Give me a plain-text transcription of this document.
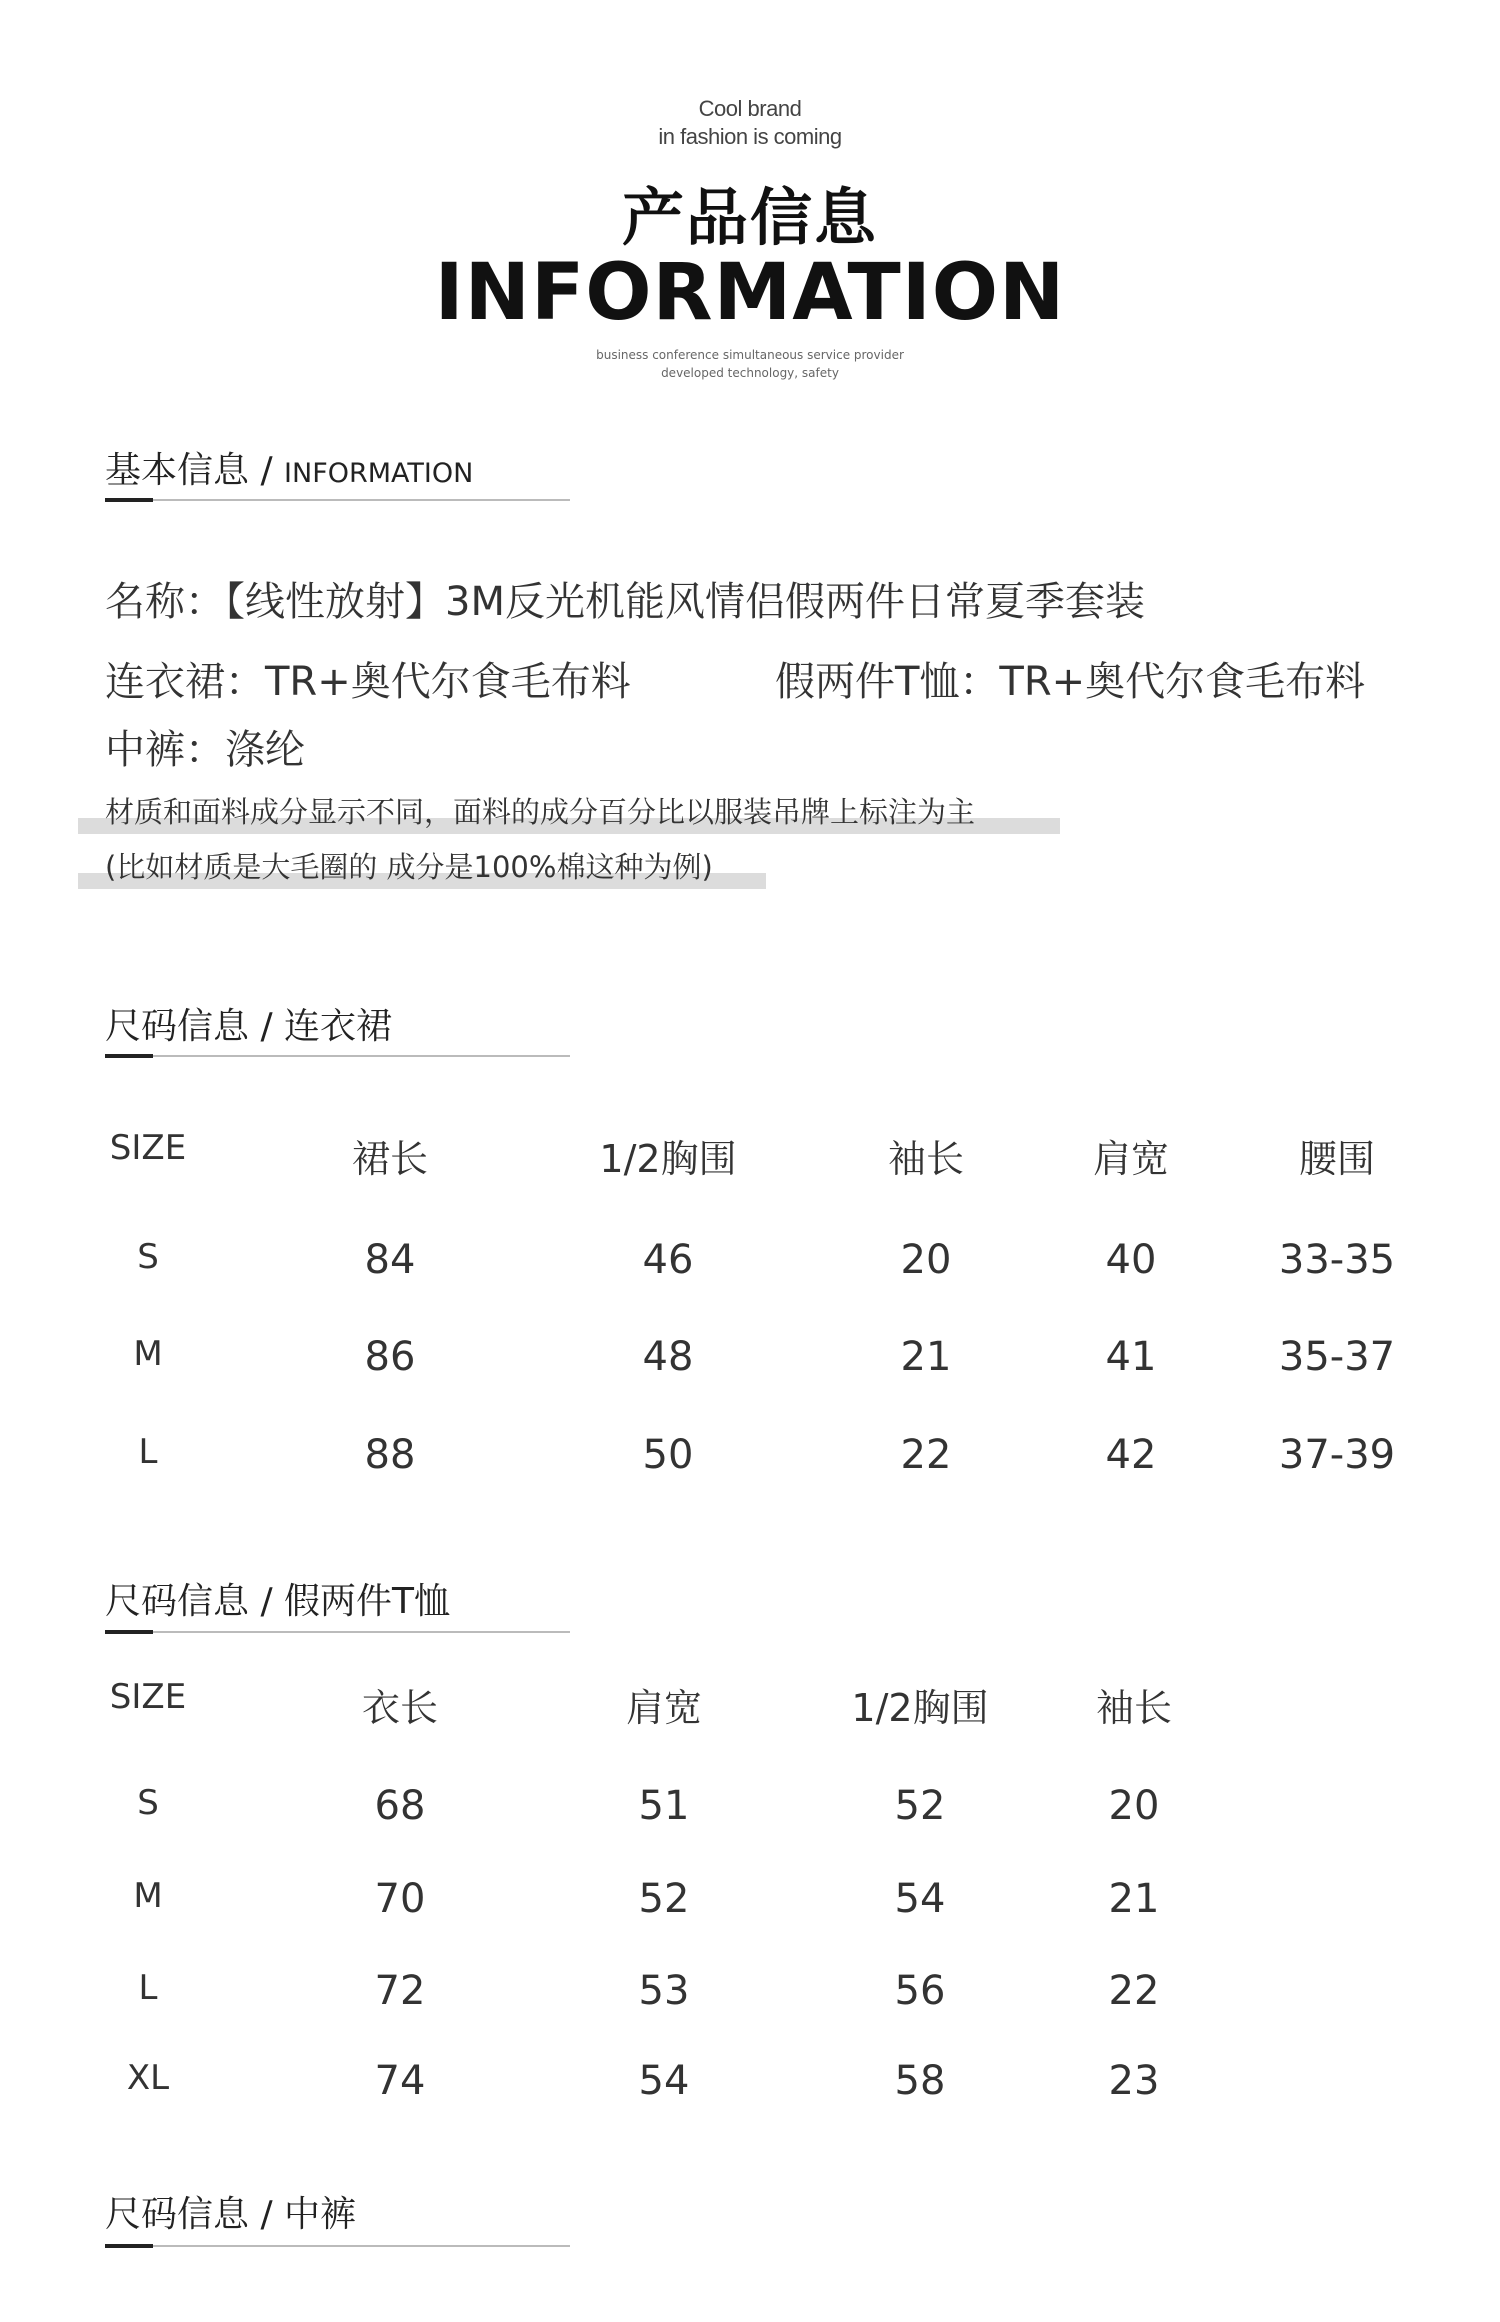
Cool brand
in fashion is coming
产品信息
INFORMATION
business conference simultaneous service provider
developed technology, safety
基本信息 / INFORMATION
名称：【线性放射】3M反光机能风情侣假两件日常夏季套装
连衣裙：TR+奥代尔食毛布料	假两件T恤：TR+奥代尔食毛布料
中裤：涤纶
材质和面料成分显示不同，面料的成分百分比以服装吊牌上标注为主
(比如材质是大毛圈的 成分是100%棉这种为例)
尺码信息 / 连衣裙
SIZE	裙长	1/2胸围	袖长	肩宽	腰围
S	84	46	20	40	33-35
M	86	48	21	41	35-37
L	88	50	22	42	37-39
尺码信息 / 假两件T恤
SIZE	衣长	肩宽	1/2胸围	袖长
S	68	51	52	20
M	70	52	54	21
L	72	53	56	22
XL	74	54	58	23
尺码信息 / 中裤
